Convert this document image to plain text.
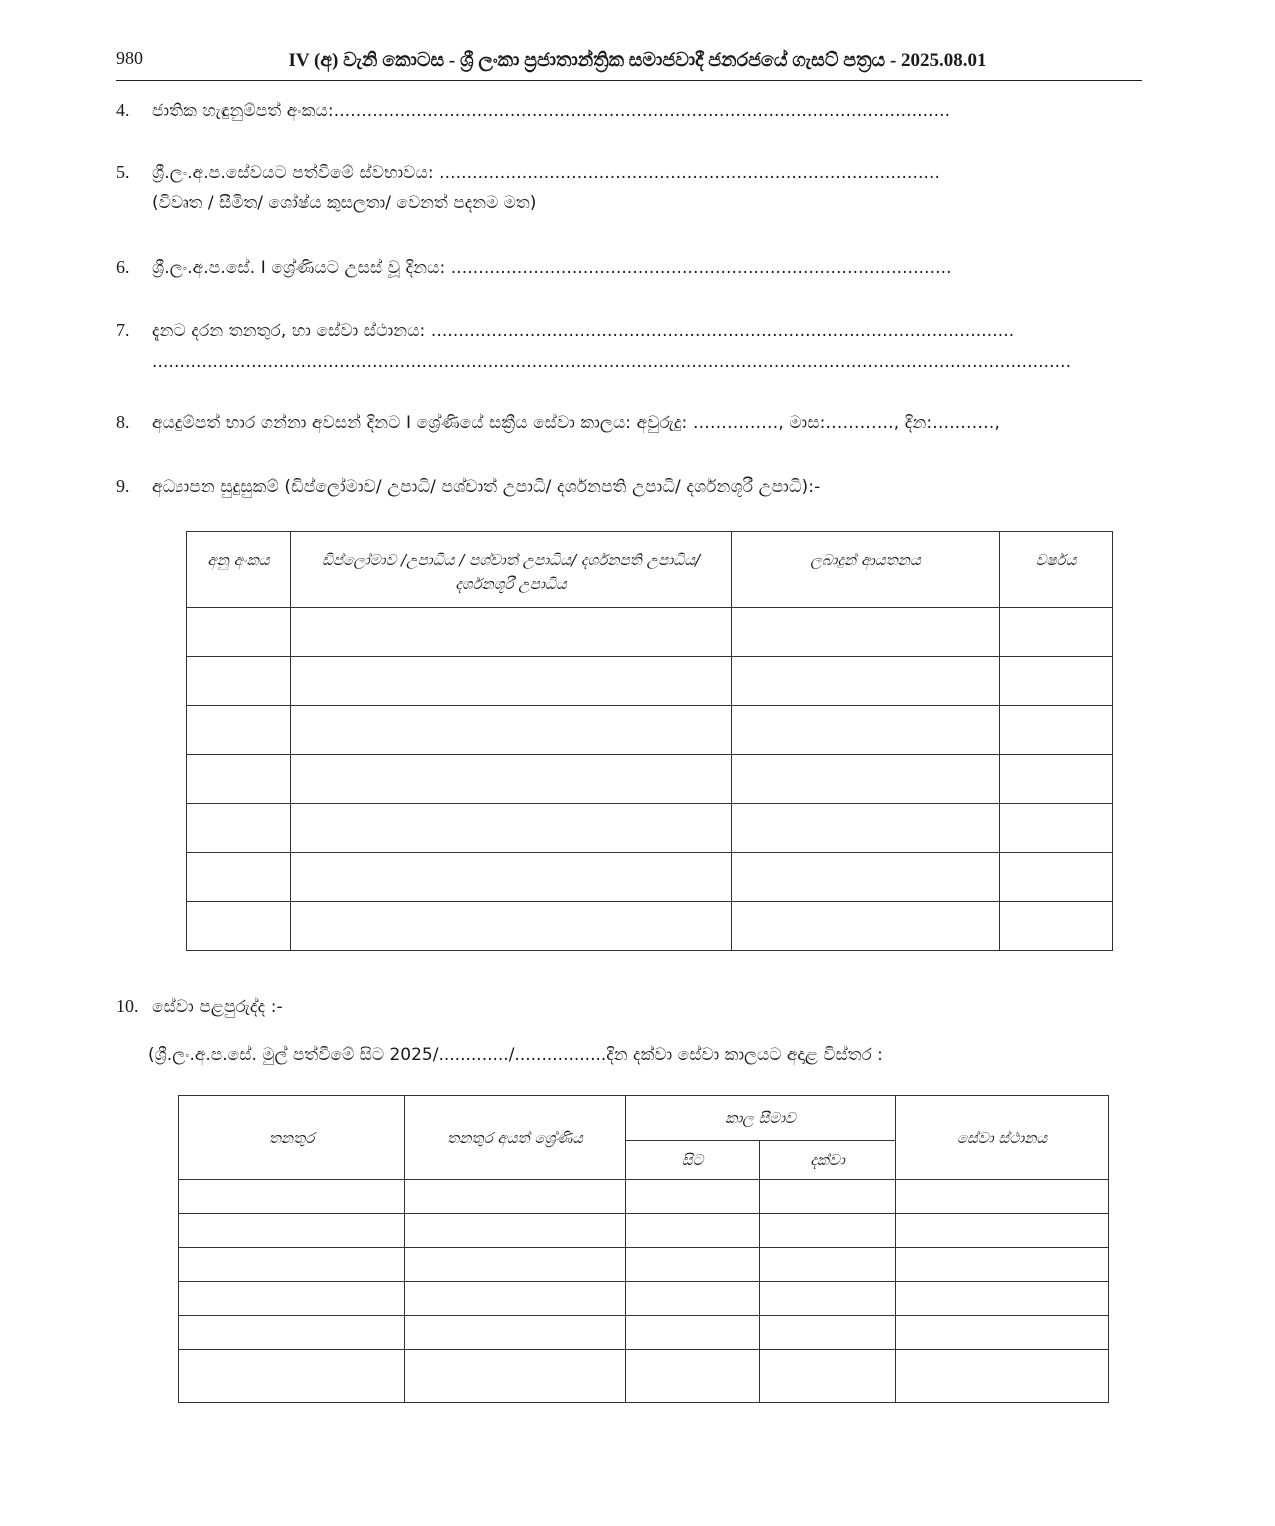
980	IV (අ) වැනි කොටස - ශ්‍රී ලංකා ප්‍රජාතාන්ත්‍රික සමාජවාදී ජනරජයේ ගැසට් පත්‍රය - 2025.08.01
4. ජාතික හැඳුනුම්පත් අංකය:................................................................................................................
5. ශ්‍රී.ලං.අ.ප.සේවයට පත්වීමේ ස්වභාවය: ...........................................................................................
(විවෘත / සීමිත/ ශෝෂ්ය කුසලතා/ වෙනත් පදනම මත)
6. ශ්‍රී.ලං.අ.ප.සේ. I ශ්‍රේණියට උසස් වූ දිනය: ...........................................................................................
7. දැනට දරන තනතුර, හා සේවා ස්ථානය: ..........................................................................................................
.......................................................................................................................................................................
8. අයදුම්පත් භාර ගන්නා අවසන් දිනට I ශ්‍රේණියේ සක්‍රීය සේවා කාලය: අවුරුදු: ……………, මාස:…………, දින:…..……,
9. අධ්‍යාපන සුදුසුකම් (ඩිප්ලෝමාව/ උපාධි/ පශ්චාත් උපාධි/ දර්ශනපති උපාධි/ දර්ශනශූරී උපාධි):-
අනු අංකය	ඩිප්ලෝමාව /උපාධිය / පශ්චාත් උපාධිය/ දර්ශනපති උපාධිය/ දර්ශනශූරී උපාධිය	ලබාදුන් ආයතනය	වර්ෂය

10. සේවා පළපුරුද්ද :-
(ශ්‍රී.ලං.අ.ප.සේ. මුල් පත්වීමේ සිට 2025/............./.................දින දක්වා සේවා කාලයට අදාළ විස්තර :
තනතුර	තනතුර අයත් ශ්‍රේණිය	කාල සීමාව		සේවා ස්ථානය
		සිට	දක්වා	
